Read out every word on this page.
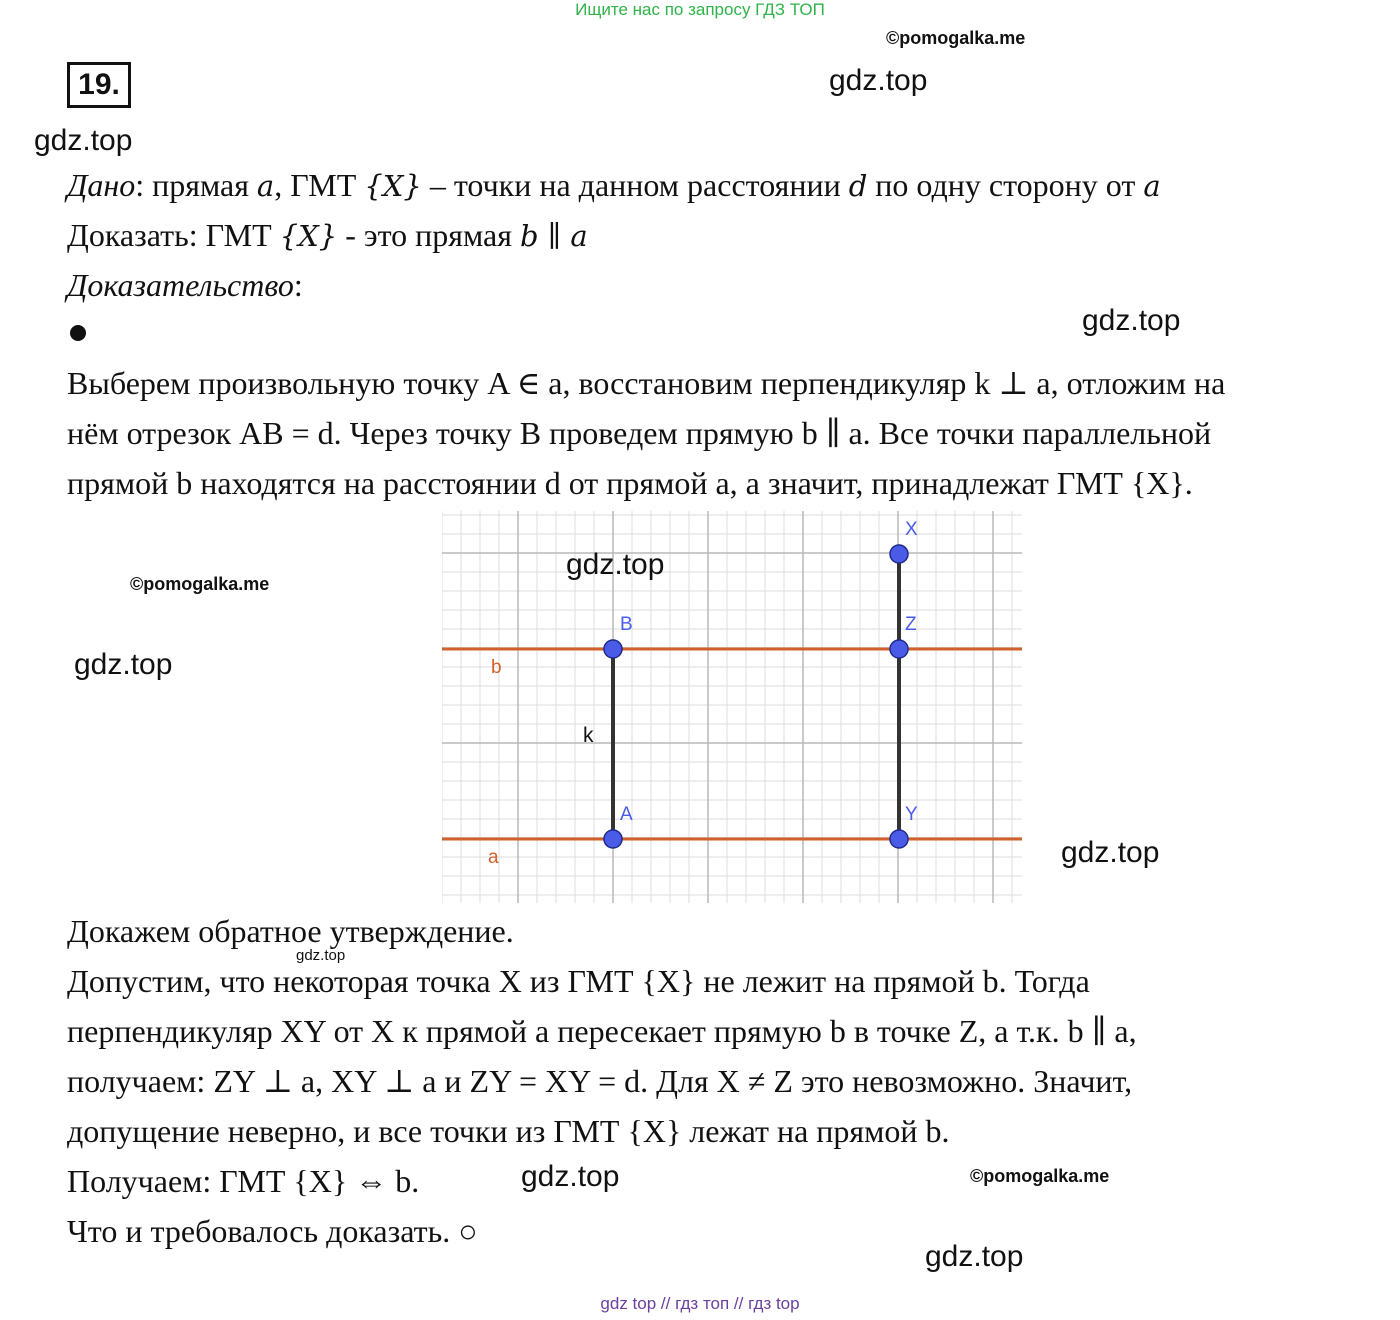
Ищите нас по запросу ГДЗ ТОП
©pomogalka.me
gdz.top
19.
gdz.top
Дано: прямая a, ГМТ {X} – точки на данном расстоянии d по одну сторону от a
Доказать: ГМТ {X} - это прямая b ∥ a
Доказательство:
gdz.top
Выберем произвольную точку A ∈ a, восстановим перпендикуляр k ⊥ a, отложим на
нём отрезок AB = d. Через точку B проведем прямую b ∥ a. Все точки параллельной
прямой b находятся на расстоянии d от прямой a, а значит, принадлежат ГМТ {X}.
©pomogalka.me
gdz.top
gdz.top
X
B	Z
A	Y
b
a
k
gdz.top
Докажем обратное утверждение.
gdz.top
Допустим, что некоторая точка X из ГМТ {X} не лежит на прямой b. Тогда
перпендикуляр XY от X к прямой a пересекает прямую b в точке Z, а т.к. b ∥ a,
получаем: ZY ⊥ a, XY ⊥ a и ZY = XY = d. Для X ≠ Z это невозможно. Значит,
допущение неверно, и все точки из ГМТ {X} лежат на прямой b.
Получаем: ГМТ {X} ⇔ b.	gdz.top	©pomogalka.me
Что и требовалось доказать. ○
gdz.top
gdz top // гдз топ // гдз top
